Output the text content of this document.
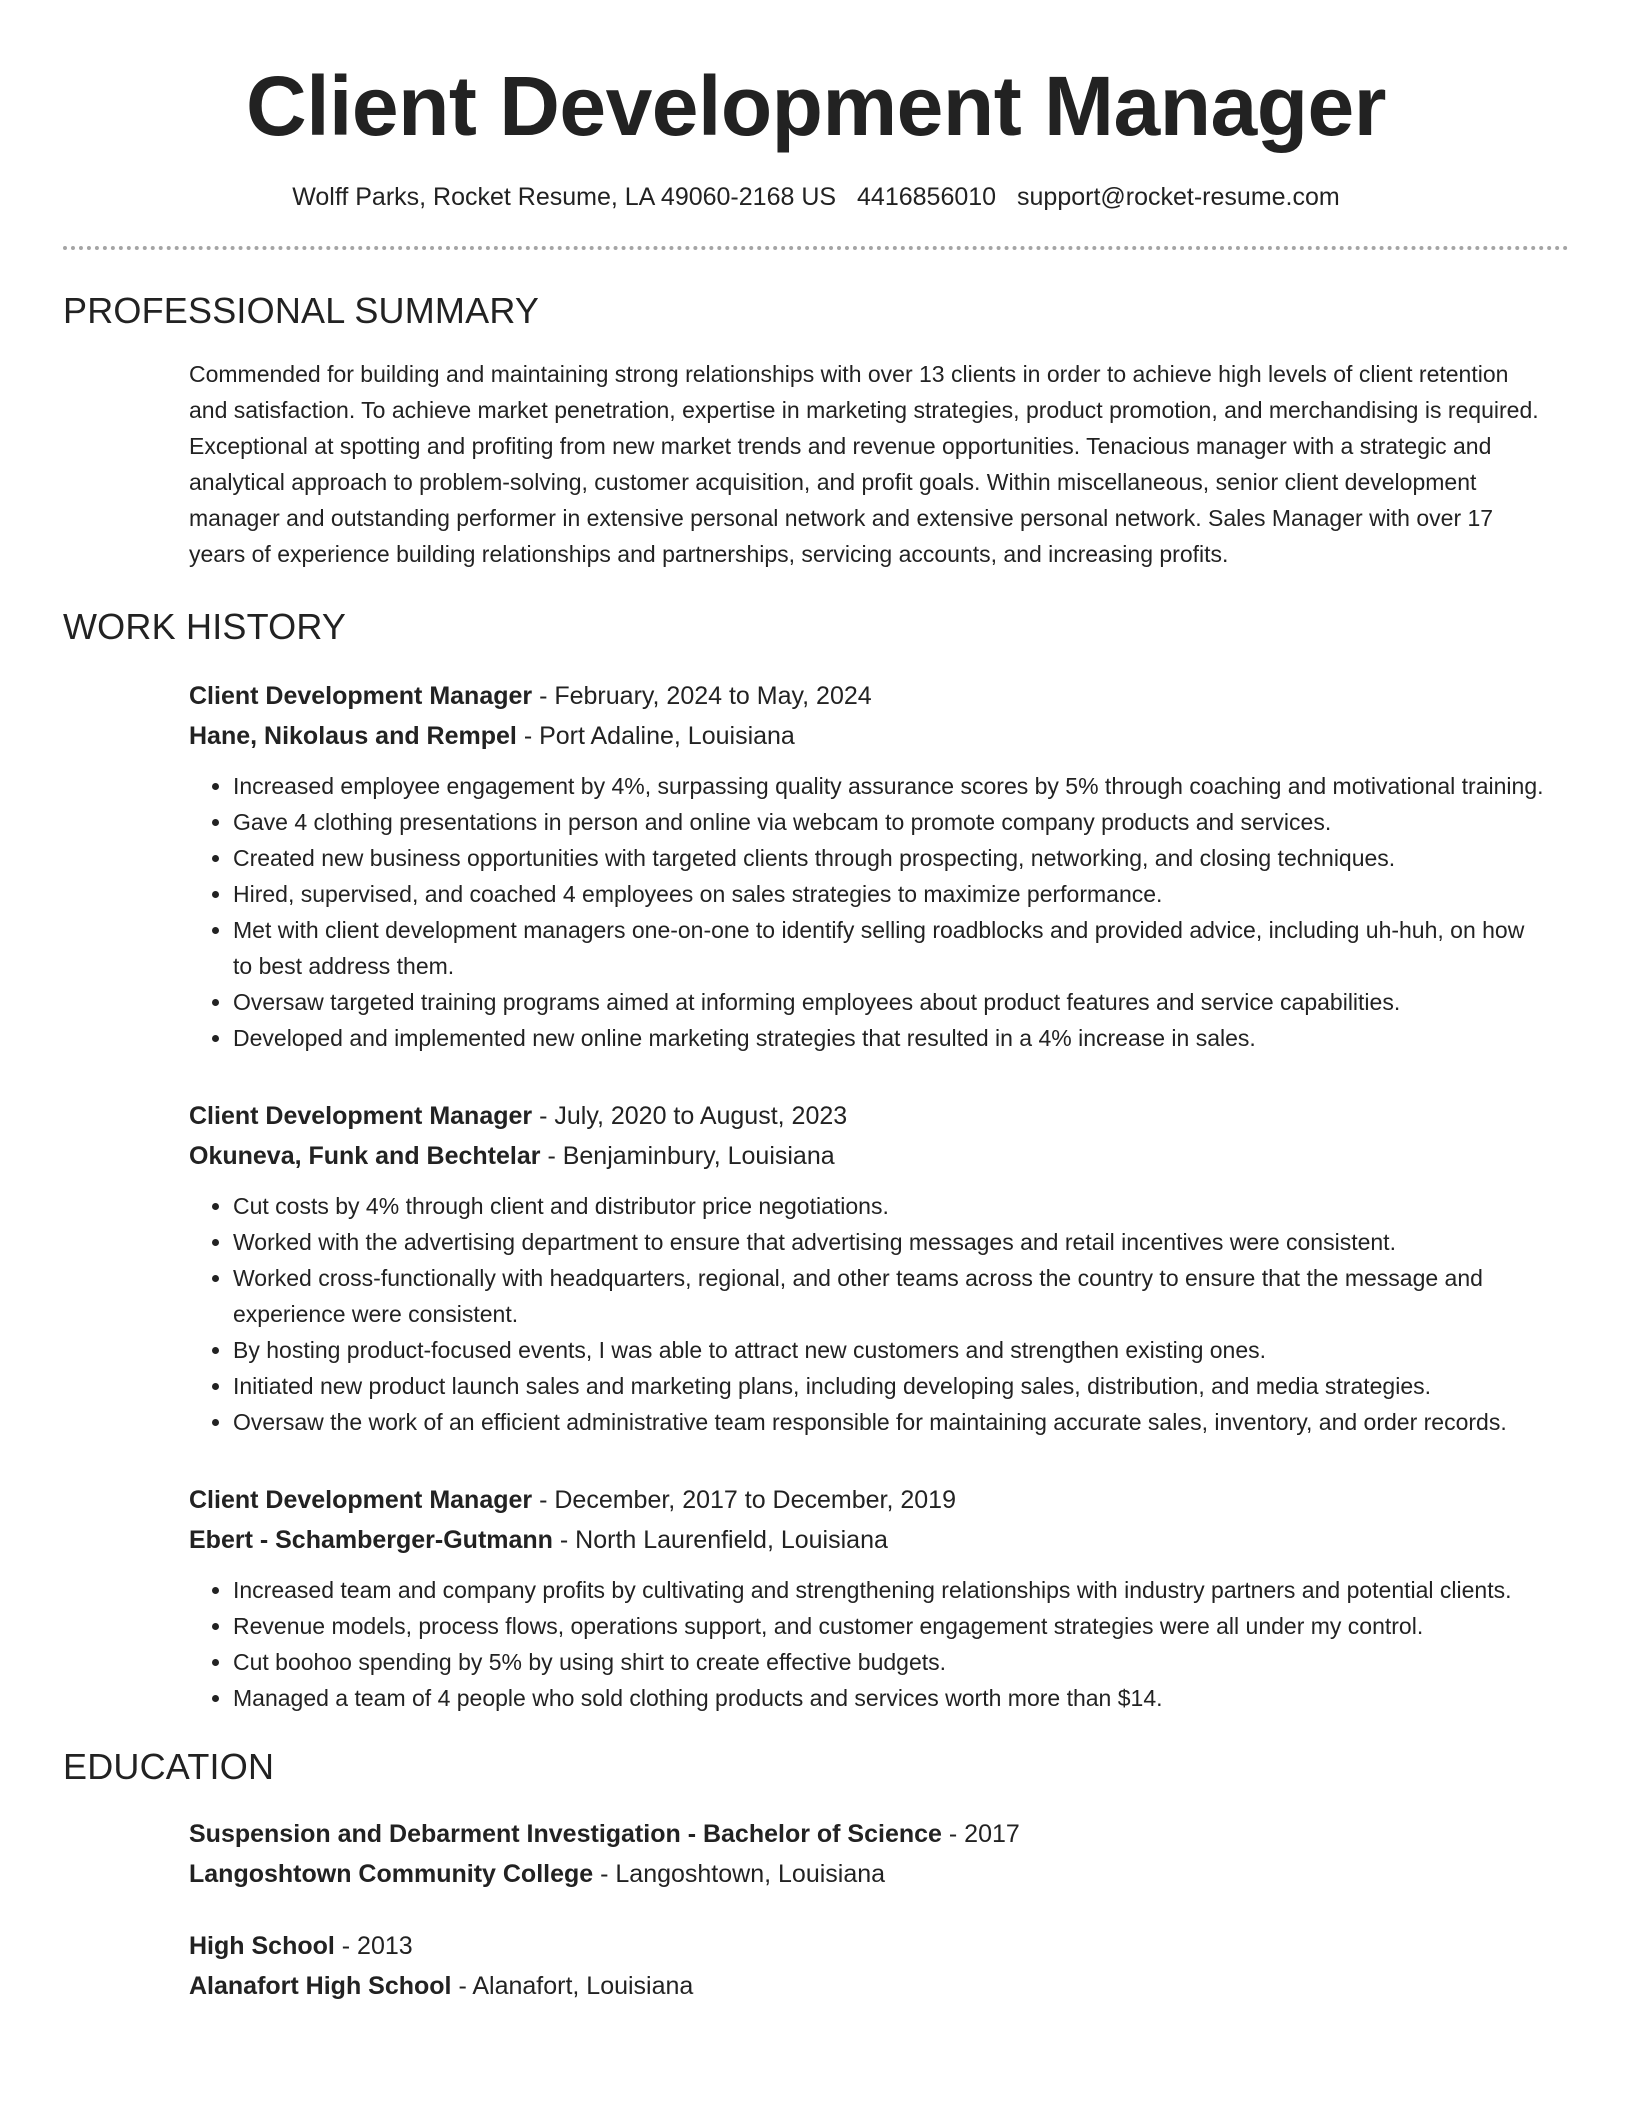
Client Development Manager
Wolff Parks, Rocket Resume, LA 49060-2168 US 4416856010 support@rocket-resume.com
PROFESSIONAL SUMMARY

Commended for building and maintaining strong relationships with over 13 clients in order to achieve high levels of client retention and satisfaction. To achieve market penetration, expertise in marketing strategies, product promotion, and merchandising is required. Exceptional at spotting and profiting from new market trends and revenue opportunities. Tenacious manager with a strategic and analytical approach to problem-solving, customer acquisition, and profit goals. Within miscellaneous, senior client development manager and outstanding performer in extensive personal network and extensive personal network. Sales Manager with over 17 years of experience building relationships and partnerships, servicing accounts, and increasing profits.

WORK HISTORY
Client Development Manager - February, 2024 to May, 2024
Hane, Nikolaus and Rempel - Port Adaline, Louisiana
• Increased employee engagement by 4%, surpassing quality assurance scores by 5% through coaching and motivational training.
• Gave 4 clothing presentations in person and online via webcam to promote company products and services.
• Created new business opportunities with targeted clients through prospecting, networking, and closing techniques.
• Hired, supervised, and coached 4 employees on sales strategies to maximize performance.
• Met with client development managers one-on-one to identify selling roadblocks and provided advice, including uh-huh, on how to best address them.
• Oversaw targeted training programs aimed at informing employees about product features and service capabilities.
• Developed and implemented new online marketing strategies that resulted in a 4% increase in sales.
Client Development Manager - July, 2020 to August, 2023
Okuneva, Funk and Bechtelar - Benjaminbury, Louisiana
• Cut costs by 4% through client and distributor price negotiations.
• Worked with the advertising department to ensure that advertising messages and retail incentives were consistent.
• Worked cross-functionally with headquarters, regional, and other teams across the country to ensure that the message and experience were consistent.
• By hosting product-focused events, I was able to attract new customers and strengthen existing ones.
• Initiated new product launch sales and marketing plans, including developing sales, distribution, and media strategies.
• Oversaw the work of an efficient administrative team responsible for maintaining accurate sales, inventory, and order records.
Client Development Manager - December, 2017 to December, 2019
Ebert - Schamberger-Gutmann - North Laurenfield, Louisiana
• Increased team and company profits by cultivating and strengthening relationships with industry partners and potential clients.
• Revenue models, process flows, operations support, and customer engagement strategies were all under my control.
• Cut boohoo spending by 5% by using shirt to create effective budgets.
• Managed a team of 4 people who sold clothing products and services worth more than $14.
EDUCATION
Suspension and Debarment Investigation - Bachelor of Science - 2017
Langoshtown Community College - Langoshtown, Louisiana
High School - 2013
Alanafort High School - Alanafort, Louisiana
